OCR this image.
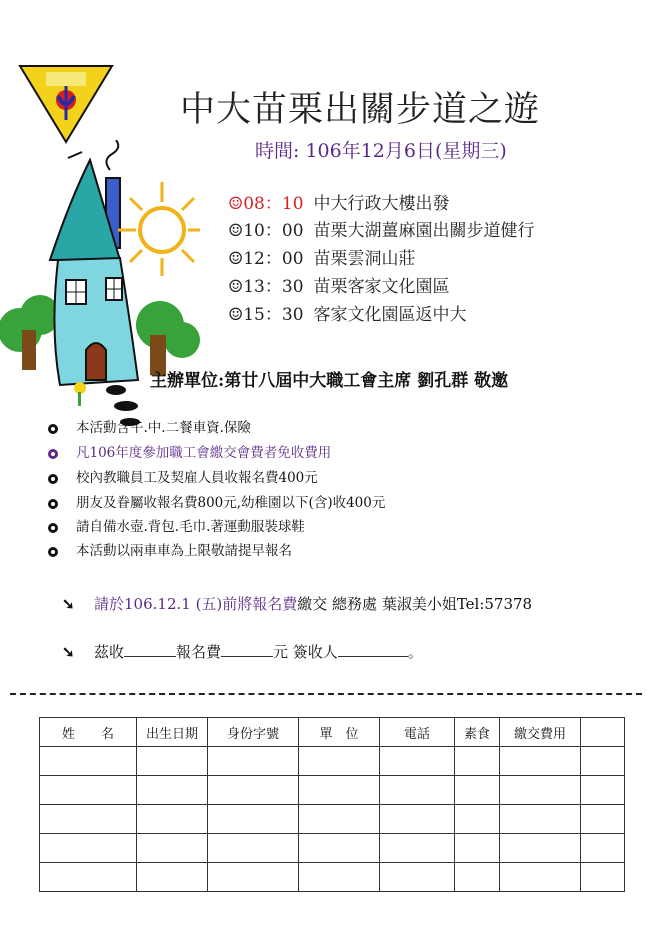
中大苗栗出關步道之遊
時間: 106年12月6日(星期三)
☺08：10 中大行政大樓出發
☺10：00 苗栗大湖薑麻園出關步道健行
☺12：00 苗栗雲洞山莊
☺13：30 苗栗客家文化園區
☺15：30 客家文化園區返中大
主辦單位:第廿八屆中大職工會主席 劉孔群 敬邀
本活動含午.中.二餐車資.保險
凡106年度參加職工會繳交會費者免收費用
校內教職員工及契雇人員收報名費400元
朋友及眷屬收報名費800元,幼稚園以下(含)收400元
請自備水壺.背包.毛巾.著運動服裝球鞋
本活動以兩車車為上限敬請提早報名
➘ 請於106.12.1 (五)前將報名費繳交 總務處 葉淑美小姐Tel:57378
➘ 茲收	報名費	元 簽收人	。
姓　　名	出生日期	身份字號	單　位	電話	素食	繳交費用	
